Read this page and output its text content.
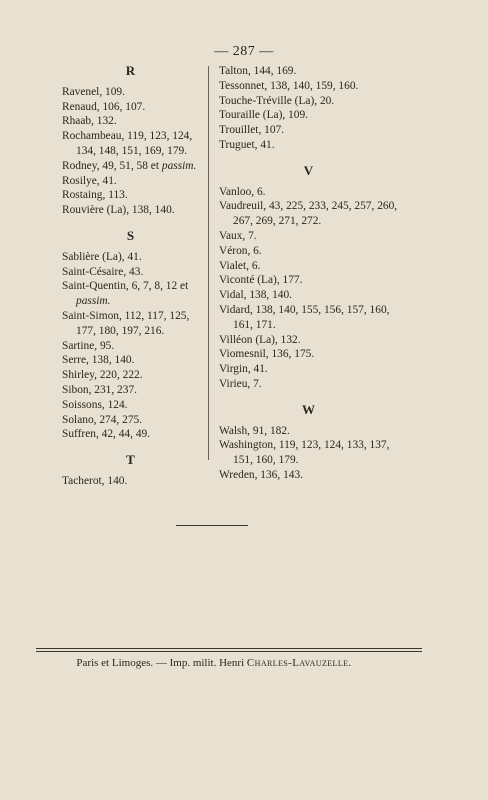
— 287 —
R
Ravenel, 109.
Renaud, 106, 107.
Rhaab, 132.
Rochambeau, 119, 123, 124, 134, 148, 151, 169, 179.
Rodney, 49, 51, 58 et passim.
Rosilye, 41.
Rostaing, 113.
Rouvière (La), 138, 140.
S
Sablière (La), 41.
Saint-Césaire, 43.
Saint-Quentin, 6, 7, 8, 12 et passim.
Saint-Simon, 112, 117, 125, 177, 180, 197, 216.
Sartine, 95.
Serre, 138, 140.
Shirley, 220, 222.
Sibon, 231, 237.
Soissons, 124.
Solano, 274, 275.
Suffren, 42, 44, 49.
T
Tacherot, 140.
Talton, 144, 169.
Tessonnet, 138, 140, 159, 160.
Touche-Tréville (La), 20.
Touraille (La), 109.
Trouillet, 107.
Truguet, 41.
V
Vanloo, 6.
Vaudreuil, 43, 225, 233, 245, 257, 260, 267, 269, 271, 272.
Vaux, 7.
Véron, 6.
Vialet, 6.
Viconté (La), 177.
Vidal, 138, 140.
Vidard, 138, 140, 155, 156, 157, 160, 161, 171.
Villéon (La), 132.
Viomesnil, 136, 175.
Virgin, 41.
Virieu, 7.
W
Walsh, 91, 182.
Washington, 119, 123, 124, 133, 137, 151, 160, 179.
Wreden, 136, 143.
Paris et Limoges. — Imp. milit. Henri Charles-Lavauzelle.
